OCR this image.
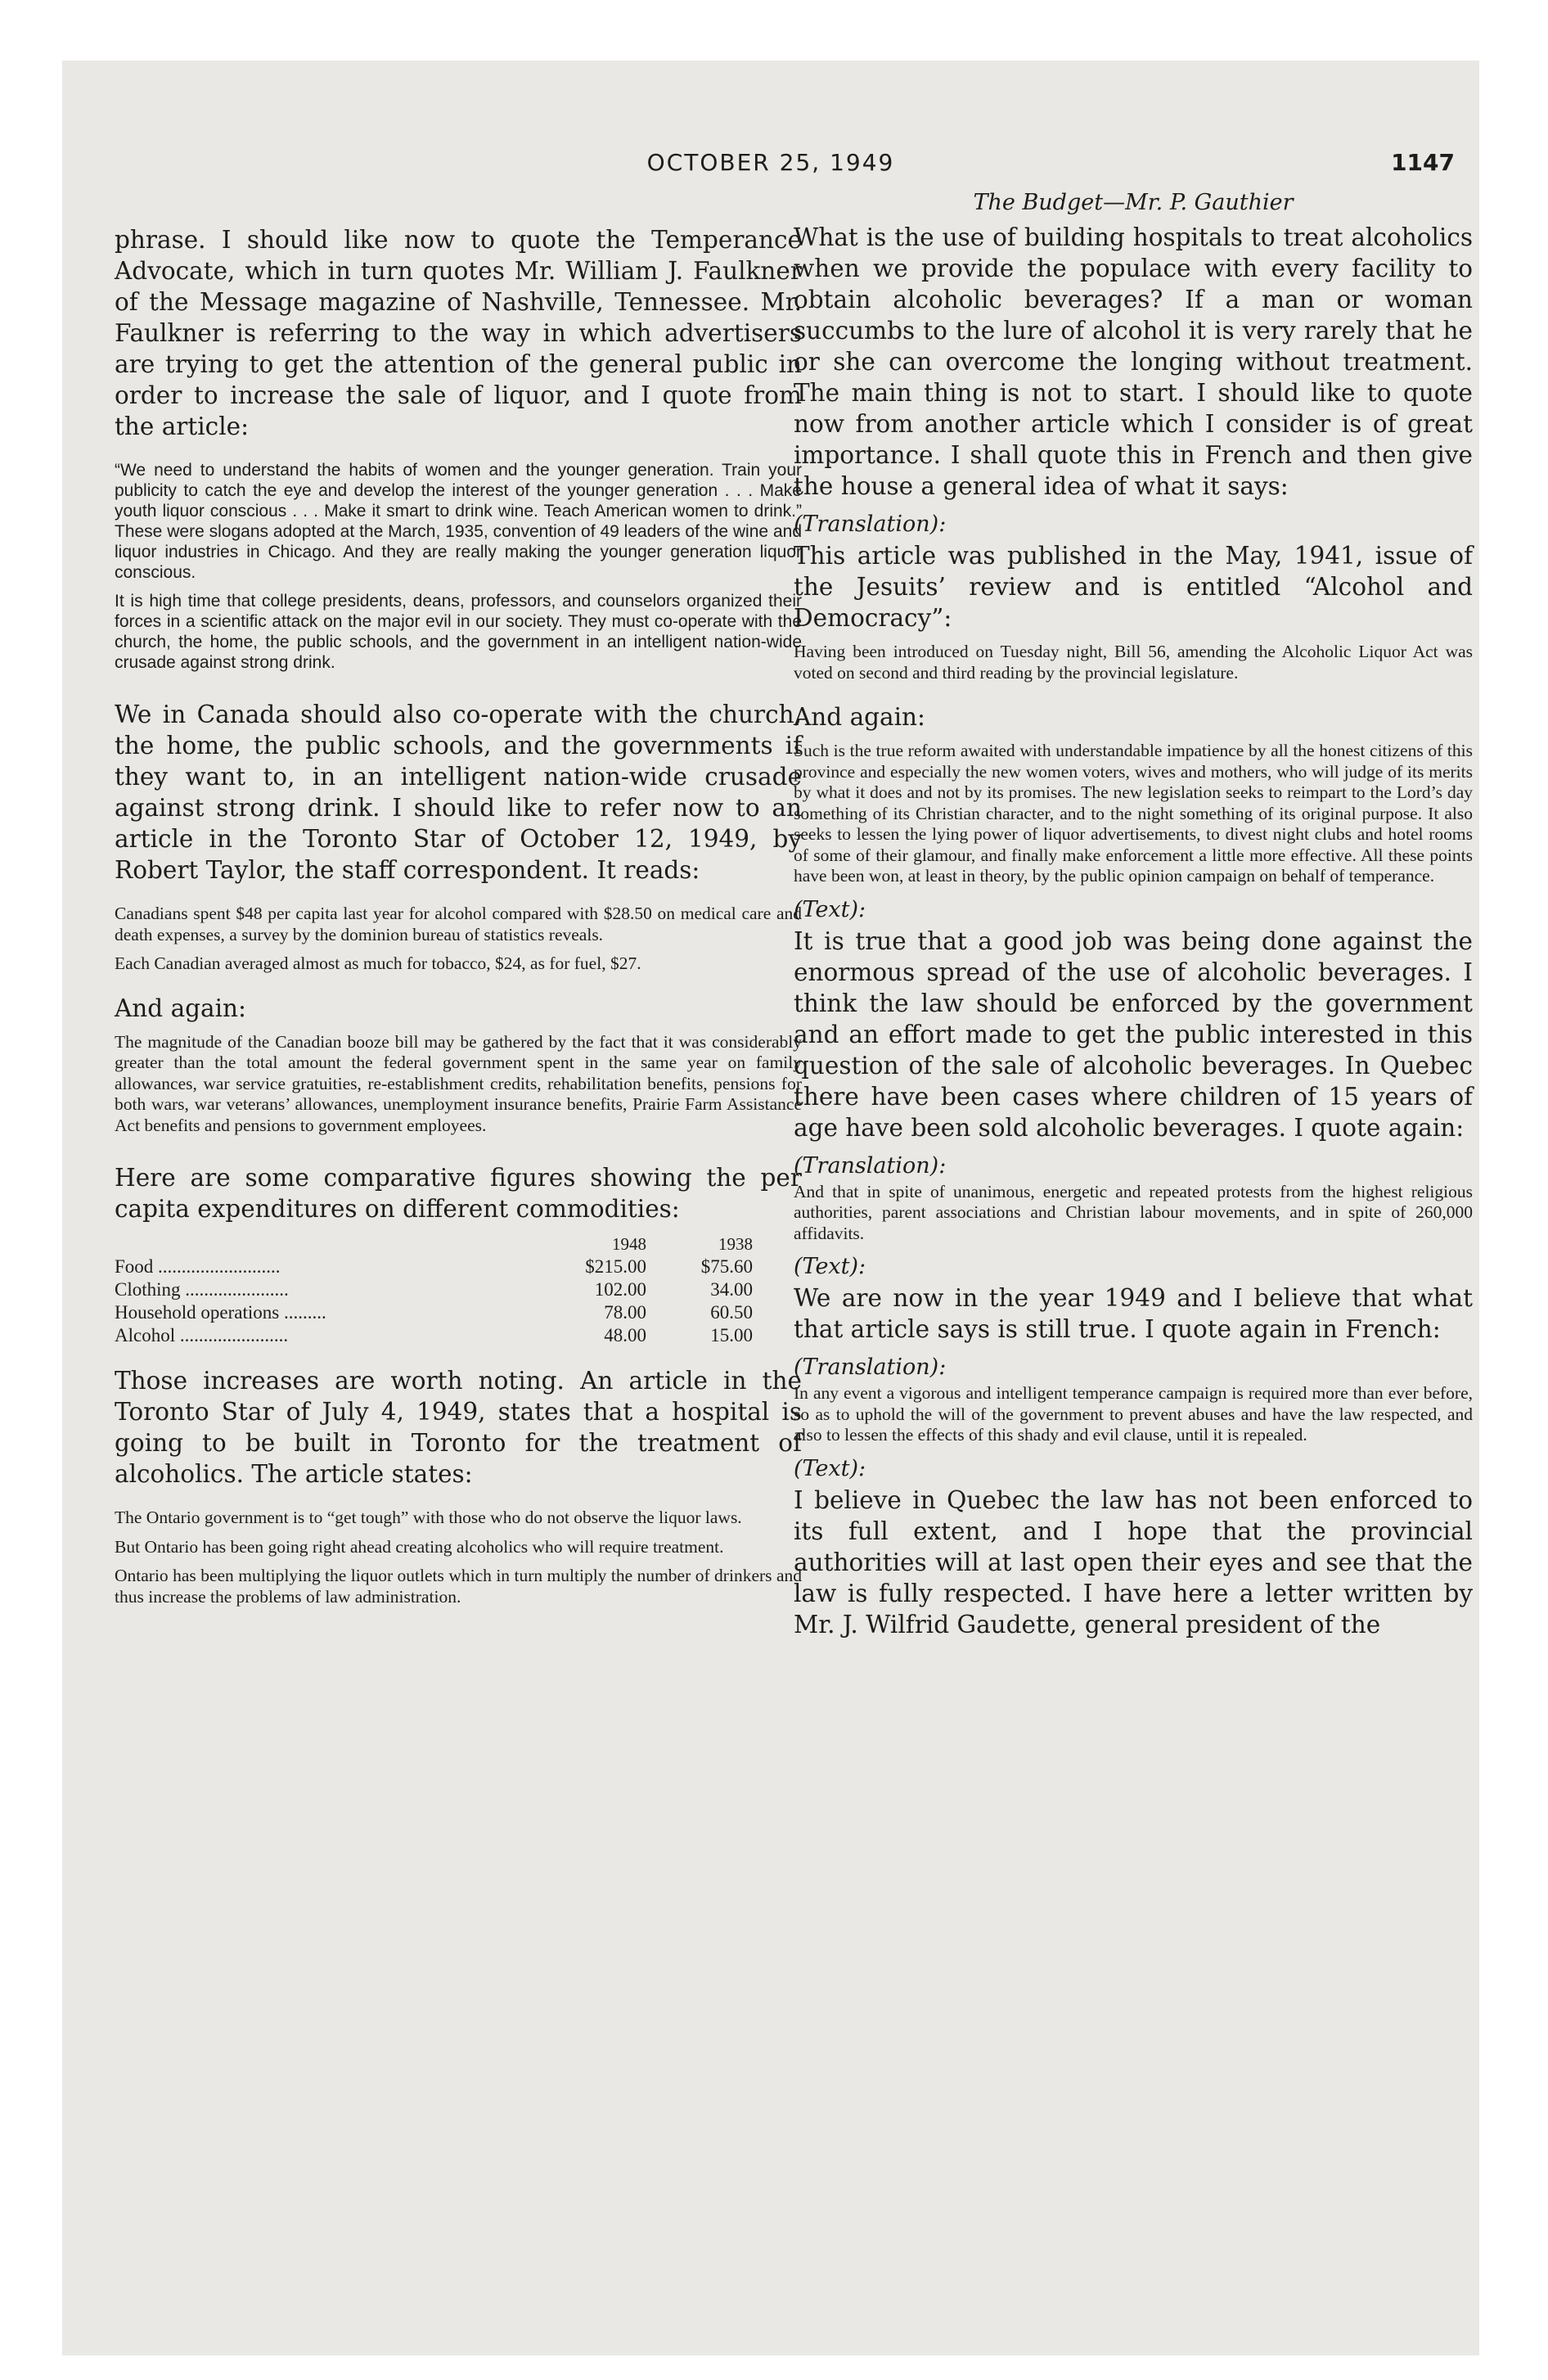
OCTOBER 25, 1949	1147

phrase. I should like now to quote the Temperance Advocate, which in turn quotes Mr. William J. Faulkner of the Message magazine of Nashville, Tennessee. Mr. Faulkner is referring to the way in which advertisers are trying to get the attention of the general public in order to increase the sale of liquor, and I quote from the article:

“We need to understand the habits of women and the younger generation. Train your publicity to catch the eye and develop the interest of the younger generation . . . Make youth liquor conscious . . . Make it smart to drink wine. Teach American women to drink.” These were slogans adopted at the March, 1935, convention of 49 leaders of the wine and liquor industries in Chicago. And they are really making the younger generation liquor conscious.

It is high time that college presidents, deans, professors, and counselors organized their forces in a scientific attack on the major evil in our society. They must co-operate with the church, the home, the public schools, and the government in an intelligent nation-wide crusade against strong drink.

We in Canada should also co-operate with the church, the home, the public schools, and the governments if they want to, in an intelligent nation-wide crusade against strong drink. I should like to refer now to an article in the Toronto Star of October 12, 1949, by Robert Taylor, the staff correspondent. It reads:

Canadians spent $48 per capita last year for alcohol compared with $28.50 on medical care and death expenses, a survey by the dominion bureau of statistics reveals.

Each Canadian averaged almost as much for tobacco, $24, as for fuel, $27.

And again:

The magnitude of the Canadian booze bill may be gathered by the fact that it was considerably greater than the total amount the federal government spent in the same year on family allowances, war service gratuities, re-establishment credits, rehabilitation benefits, pensions for both wars, war veterans’ allowances, unemployment insurance benefits, Prairie Farm Assistance Act benefits and pensions to government employees.

Here are some comparative figures showing the per capita expenditures on different commodities:

	1948	1938
Food ..........................	$215.00	$75.60
Clothing ......................	102.00	34.00
Household operations .........	78.00	60.50
Alcohol .......................	48.00	15.00

Those increases are worth noting. An article in the Toronto Star of July 4, 1949, states that a hospital is going to be built in Toronto for the treatment of alcoholics. The article states:

The Ontario government is to “get tough” with those who do not observe the liquor laws.

But Ontario has been going right ahead creating alcoholics who will require treatment.

Ontario has been multiplying the liquor outlets which in turn multiply the number of drinkers and thus increase the problems of law administration.

The Budget—Mr. P. Gauthier

What is the use of building hospitals to treat alcoholics when we provide the populace with every facility to obtain alcoholic beverages? If a man or woman succumbs to the lure of alcohol it is very rarely that he or she can overcome the longing without treatment. The main thing is not to start. I should like to quote now from another article which I consider is of great importance. I shall quote this in French and then give the house a general idea of what it says:

(Translation):

This article was published in the May, 1941, issue of the Jesuits’ review and is entitled “Alcohol and Democracy”:

Having been introduced on Tuesday night, Bill 56, amending the Alcoholic Liquor Act was voted on second and third reading by the provincial legislature.

And again:

Such is the true reform awaited with understandable impatience by all the honest citizens of this province and especially the new women voters, wives and mothers, who will judge of its merits by what it does and not by its promises. The new legislation seeks to reimpart to the Lord’s day something of its Christian character, and to the night something of its original purpose. It also seeks to lessen the lying power of liquor advertisements, to divest night clubs and hotel rooms of some of their glamour, and finally make enforcement a little more effective. All these points have been won, at least in theory, by the public opinion campaign on behalf of temperance.

(Text):

It is true that a good job was being done against the enormous spread of the use of alcoholic beverages. I think the law should be enforced by the government and an effort made to get the public interested in this question of the sale of alcoholic beverages. In Quebec there have been cases where children of 15 years of age have been sold alcoholic beverages. I quote again:

(Translation):

And that in spite of unanimous, energetic and repeated protests from the highest religious authorities, parent associations and Christian labour movements, and in spite of 260,000 affidavits.

(Text):

We are now in the year 1949 and I believe that what that article says is still true. I quote again in French:

(Translation):

In any event a vigorous and intelligent temperance campaign is required more than ever before, so as to uphold the will of the government to prevent abuses and have the law respected, and also to lessen the effects of this shady and evil clause, until it is repealed.

(Text):

I believe in Quebec the law has not been enforced to its full extent, and I hope that the provincial authorities will at last open their eyes and see that the law is fully respected. I have here a letter written by Mr. J. Wilfrid Gaudette, general president of the
